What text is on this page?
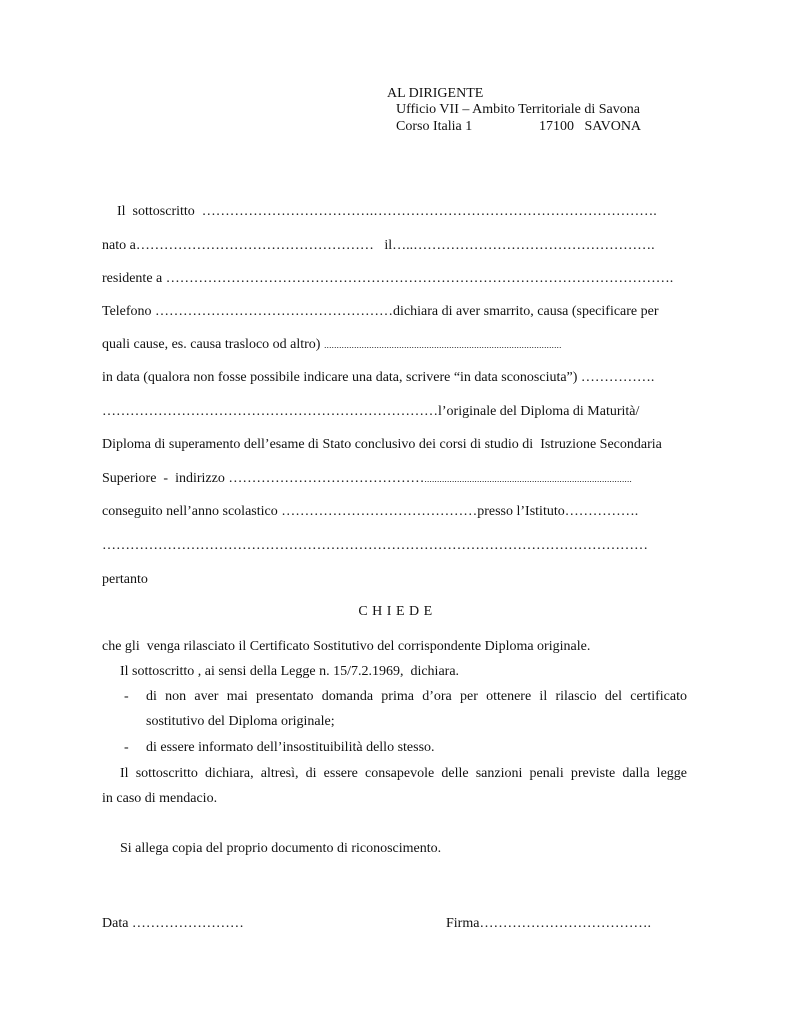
AL DIRIGENTE
Ufficio VII – Ambito Territoriale di Savona
Corso Italia 1	17100   SAVONA
Il  sottoscritto  ……………………………….…………………………………………………….
nato a……………………………………………   il…..…………………………………………….
residente a ……………………………………………………………………………………………….
Telefono ……………………………………………dichiara di aver smarrito, causa (specificare per
quali cause, es. causa trasloco od altro) ...............................................................................................
in data (qualora non fosse possibile indicare una data, scrivere “in data sconosciuta”) …………….
………………………………………………………………l’originale del Diploma di Maturità/
Diploma di superamento dell’esame di Stato conclusivo dei corsi di studio di  Istruzione Secondaria
Superiore  -  indirizzo ……………………………………...................................................................................
conseguito nell’anno scolastico ……………………………………presso l’Istituto…………….
………………………………………………………………………………………………………
pertanto
C H I E D E
che gli  venga rilasciato il Certificato Sostitutivo del corrispondente Diploma originale.
Il sottoscritto , ai sensi della Legge n. 15/7.2.1969,  dichiara.
- di non aver mai presentato domanda prima d’ora per ottenere il rilascio del certificato
sostitutivo del Diploma originale;
- di essere informato dell’insostituibilità dello stesso.
Il sottoscritto dichiara, altresì, di essere consapevole delle sanzioni penali previste dalla legge
in caso di mendacio.
Si allega copia del proprio documento di riconoscimento.
Data ……………………	Firma……………………………….
